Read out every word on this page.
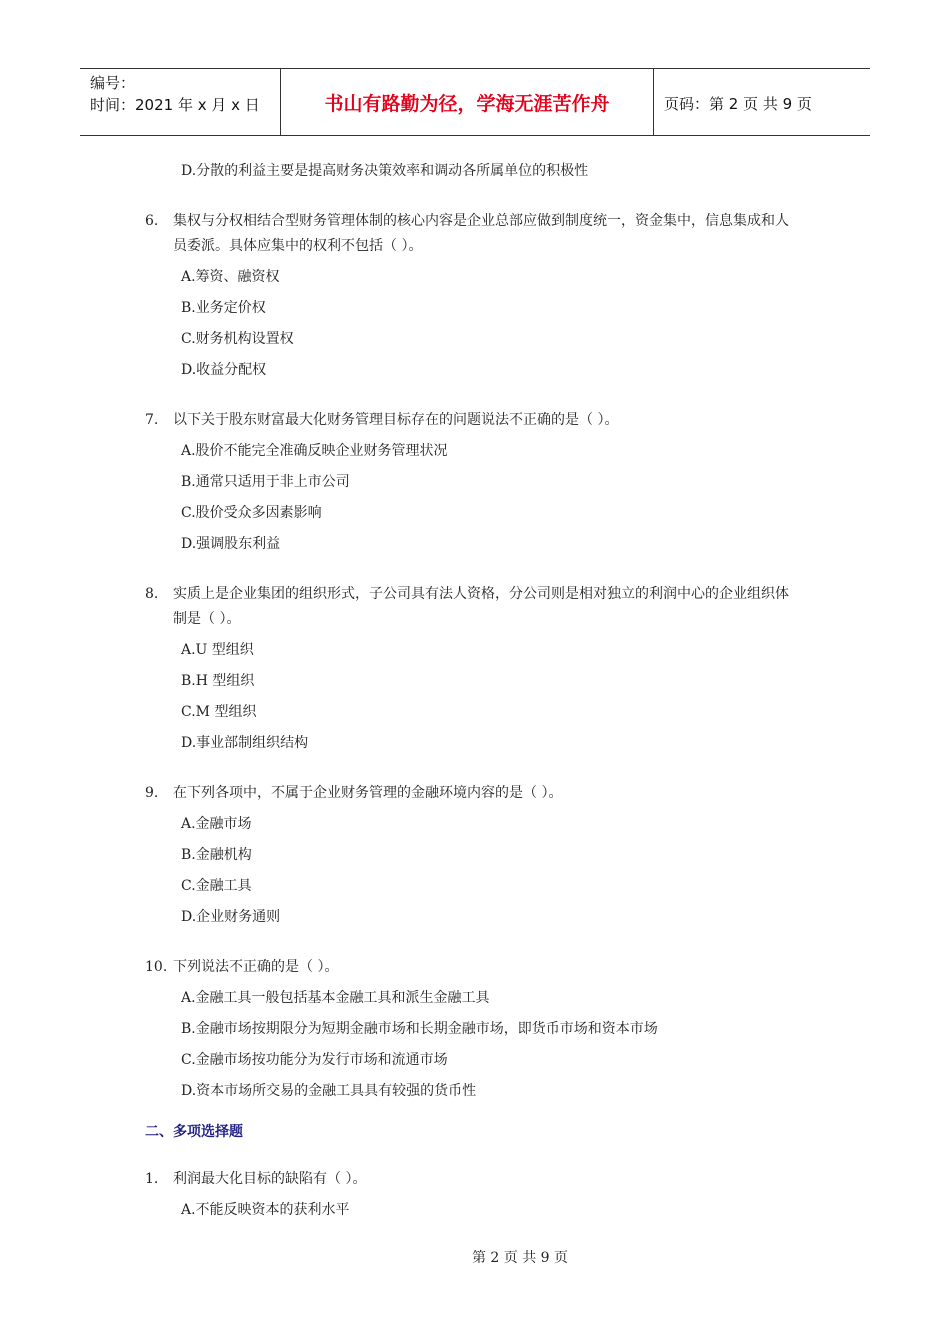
编号：
时间：2021 年 x 月 x 日	书山有路勤为径，学海无涯苦作舟	页码：第 2 页 共 9 页
D.分散的利益主要是提高财务决策效率和调动各所属单位的积极性
6. 集权与分权相结合型财务管理体制的核心内容是企业总部应做到制度统一，资金集中，信息集成和人
员委派。具体应集中的权利不包括（ ）。
A.筹资、融资权
B.业务定价权
C.财务机构设置权
D.收益分配权
7. 以下关于股东财富最大化财务管理目标存在的问题说法不正确的是（ ）。
A.股价不能完全准确反映企业财务管理状况
B.通常只适用于非上市公司
C.股价受众多因素影响
D.强调股东利益
8. 实质上是企业集团的组织形式，子公司具有法人资格，分公司则是相对独立的利润中心的企业组织体
制是（ ）。
A.U 型组织
B.H 型组织
C.M 型组织
D.事业部制组织结构
9. 在下列各项中，不属于企业财务管理的金融环境内容的是（ ）。
A.金融市场
B.金融机构
C.金融工具
D.企业财务通则
10. 下列说法不正确的是（ ）。
A.金融工具一般包括基本金融工具和派生金融工具
B.金融市场按期限分为短期金融市场和长期金融市场，即货币市场和资本市场
C.金融市场按功能分为发行市场和流通市场
D.资本市场所交易的金融工具具有较强的货币性
二、多项选择题
1. 利润最大化目标的缺陷有（ ）。
A.不能反映资本的获利水平
第 2 页 共 9 页
